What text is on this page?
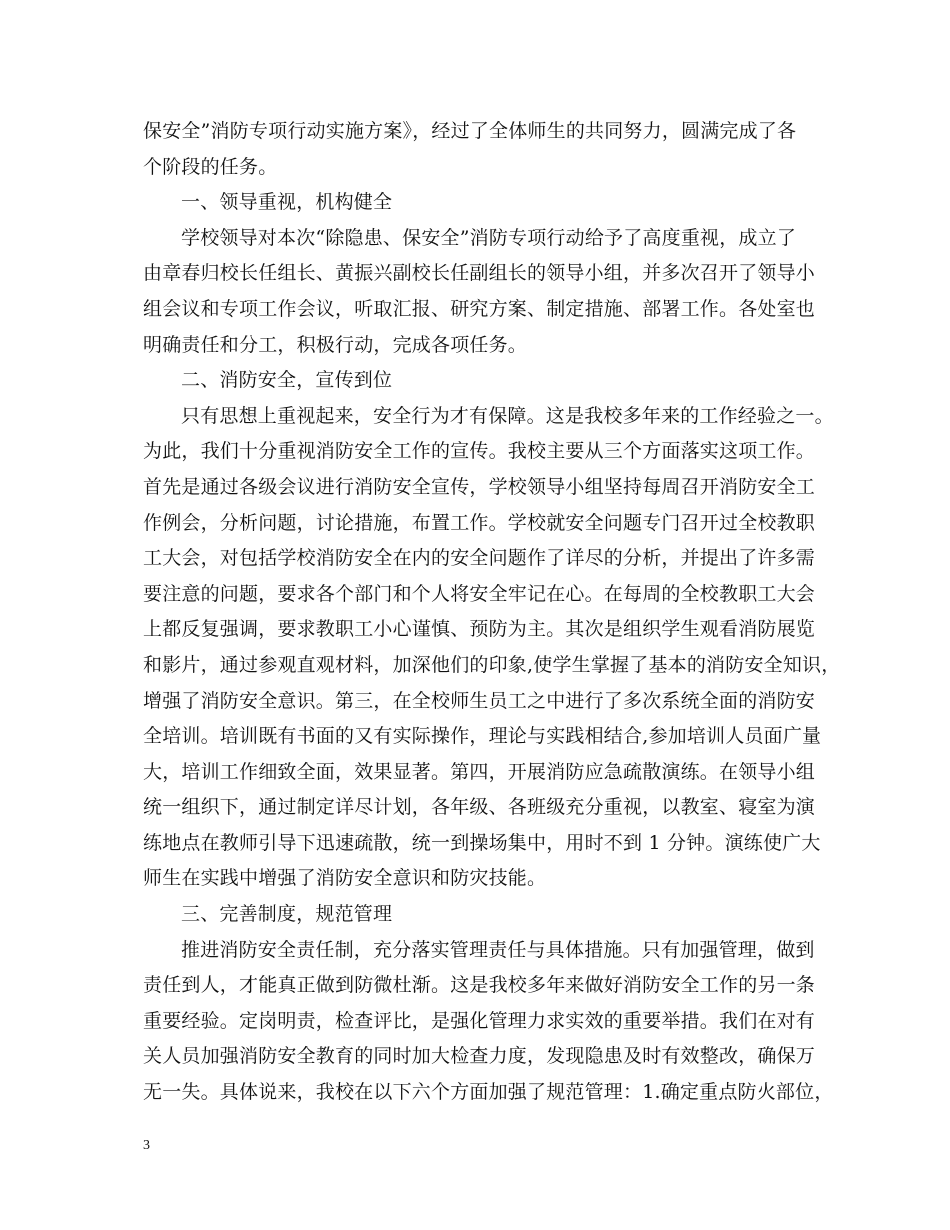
保安全”消防专项行动实施方案》，经过了全体师生的共同努力，圆满完成了各
个阶段的任务。
一、领导重视，机构健全
学校领导对本次“除隐患、保安全”消防专项行动给予了高度重视，成立了
由章春归校长任组长、黄振兴副校长任副组长的领导小组，并多次召开了领导小
组会议和专项工作会议，听取汇报、研究方案、制定措施、部署工作。各处室也
明确责任和分工，积极行动，完成各项任务。
二、消防安全，宣传到位
只有思想上重视起来，安全行为才有保障。这是我校多年来的工作经验之一。
为此，我们十分重视消防安全工作的宣传。我校主要从三个方面落实这项工作。
首先是通过各级会议进行消防安全宣传，学校领导小组坚持每周召开消防安全工
作例会，分析问题，讨论措施，布置工作。学校就安全问题专门召开过全校教职
工大会，对包括学校消防安全在内的安全问题作了详尽的分析，并提出了许多需
要注意的问题，要求各个部门和个人将安全牢记在心。在每周的全校教职工大会
上都反复强调，要求教职工小心谨慎、预防为主。其次是组织学生观看消防展览
和影片，通过参观直观材料，加深他们的印象,使学生掌握了基本的消防安全知识，
增强了消防安全意识。第三，在全校师生员工之中进行了多次系统全面的消防安
全培训。培训既有书面的又有实际操作，理论与实践相结合,参加培训人员面广量
大，培训工作细致全面，效果显著。第四，开展消防应急疏散演练。在领导小组
统一组织下，通过制定详尽计划，各年级、各班级充分重视，以教室、寝室为演
练地点在教师引导下迅速疏散，统一到操场集中，用时不到 1 分钟。演练使广大
师生在实践中增强了消防安全意识和防灾技能。
三、完善制度，规范管理
推进消防安全责任制，充分落实管理责任与具体措施。只有加强管理，做到
责任到人，才能真正做到防微杜渐。这是我校多年来做好消防安全工作的另一条
重要经验。定岗明责，检查评比，是强化管理力求实效的重要举措。我们在对有
关人员加强消防安全教育的同时加大检查力度，发现隐患及时有效整改，确保万
无一失。具体说来，我校在以下六个方面加强了规范管理：1.确定重点防火部位，
3
